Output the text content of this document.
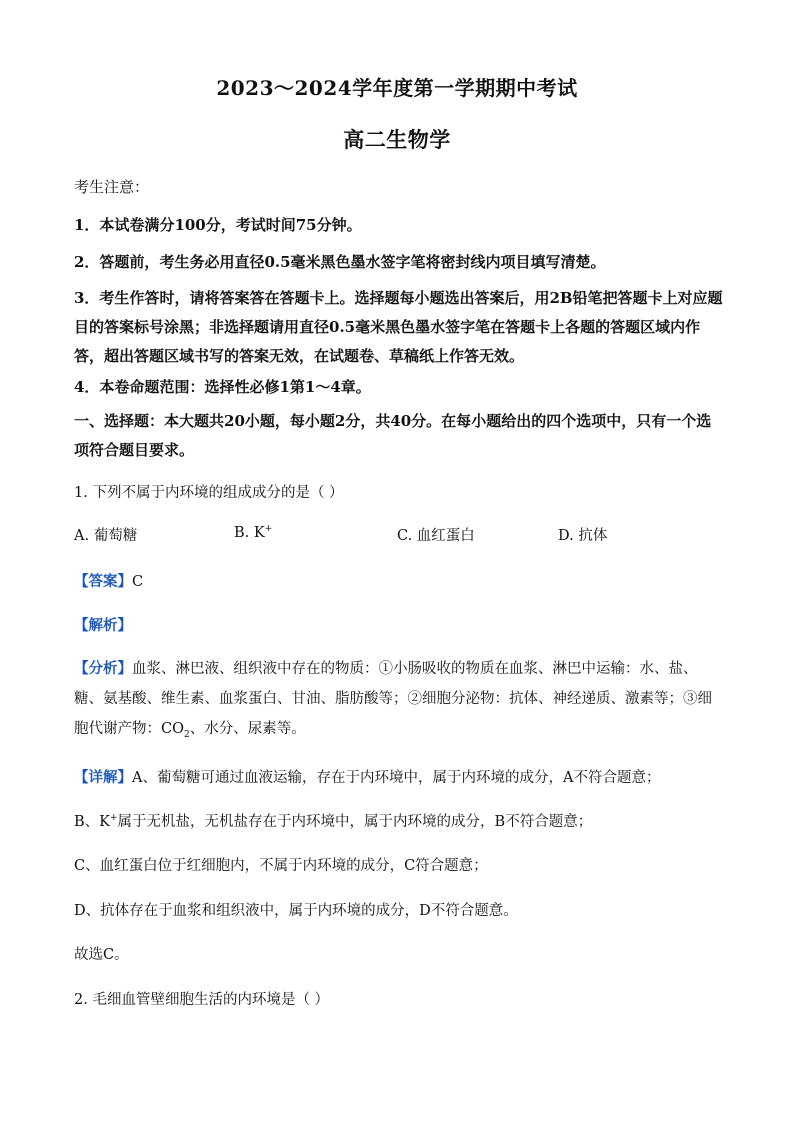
2023～2024学年度第一学期期中考试
高二生物学
考生注意：
1．本试卷满分100分，考试时间75分钟。
2．答题前，考生务必用直径0.5毫米黑色墨水签字笔将密封线内项目填写清楚。
3．考生作答时，请将答案答在答题卡上。选择题每小题选出答案后，用2B铅笔把答题卡上对应题目的答案标号涂黑；非选择题请用直径0.5毫米黑色墨水签字笔在答题卡上各题的答题区域内作答，超出答题区域书写的答案无效，在试题卷、草稿纸上作答无效。
4．本卷命题范围：选择性必修1第1～4章。
一、选择题：本大题共20小题，每小题2分，共40分。在每小题给出的四个选项中，只有一个选项符合题目要求。
1. 下列不属于内环境的组成成分的是（ ）
A. 葡萄糖	B. K+	C. 血红蛋白	D. 抗体
【答案】C
【解析】
【分析】血浆、淋巴液、组织液中存在的物质：①小肠吸收的物质在血浆、淋巴中运输：水、盐、糖、氨基酸、维生素、血浆蛋白、甘油、脂肪酸等；②细胞分泌物：抗体、神经递质、激素等；③细胞代谢产物：$CO_2$、水分、尿素等。
【详解】A、葡萄糖可通过血液运输，存在于内环境中，属于内环境的成分，A不符合题意；
B、K+属于无机盐，无机盐存在于内环境中，属于内环境的成分，B不符合题意；
C、血红蛋白位于红细胞内，不属于内环境的成分，C符合题意；
D、抗体存在于血浆和组织液中，属于内环境的成分，D不符合题意。
故选C。
2. 毛细血管壁细胞生活的内环境是（ ）
